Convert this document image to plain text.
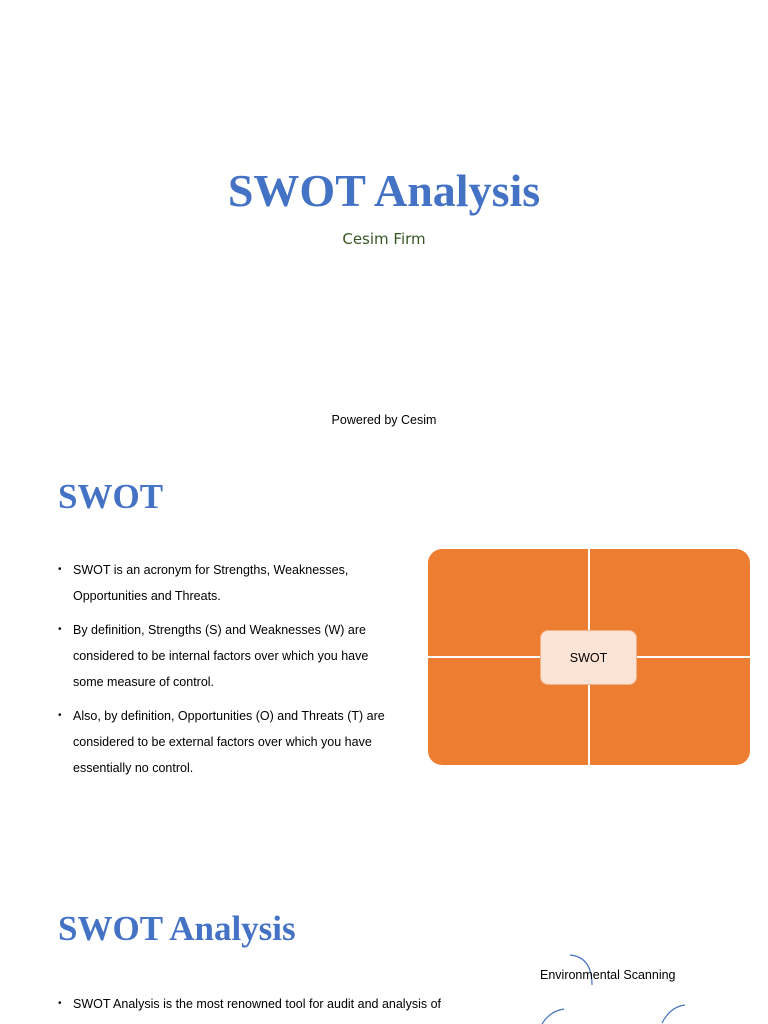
SWOT Analysis
Cesim Firm
Powered by Cesim
SWOT
• SWOT is an acronym for Strengths, Weaknesses, Opportunities and Threats.
• By definition, Strengths (S) and Weaknesses (W) are considered to be internal factors over which you have some measure of control.
• Also, by definition, Opportunities (O) and Threats (T) are considered to be external factors over which you have essentially no control.
SWOT
SWOT Analysis
• SWOT Analysis is the most renowned tool for audit and analysis of
Environmental Scanning
